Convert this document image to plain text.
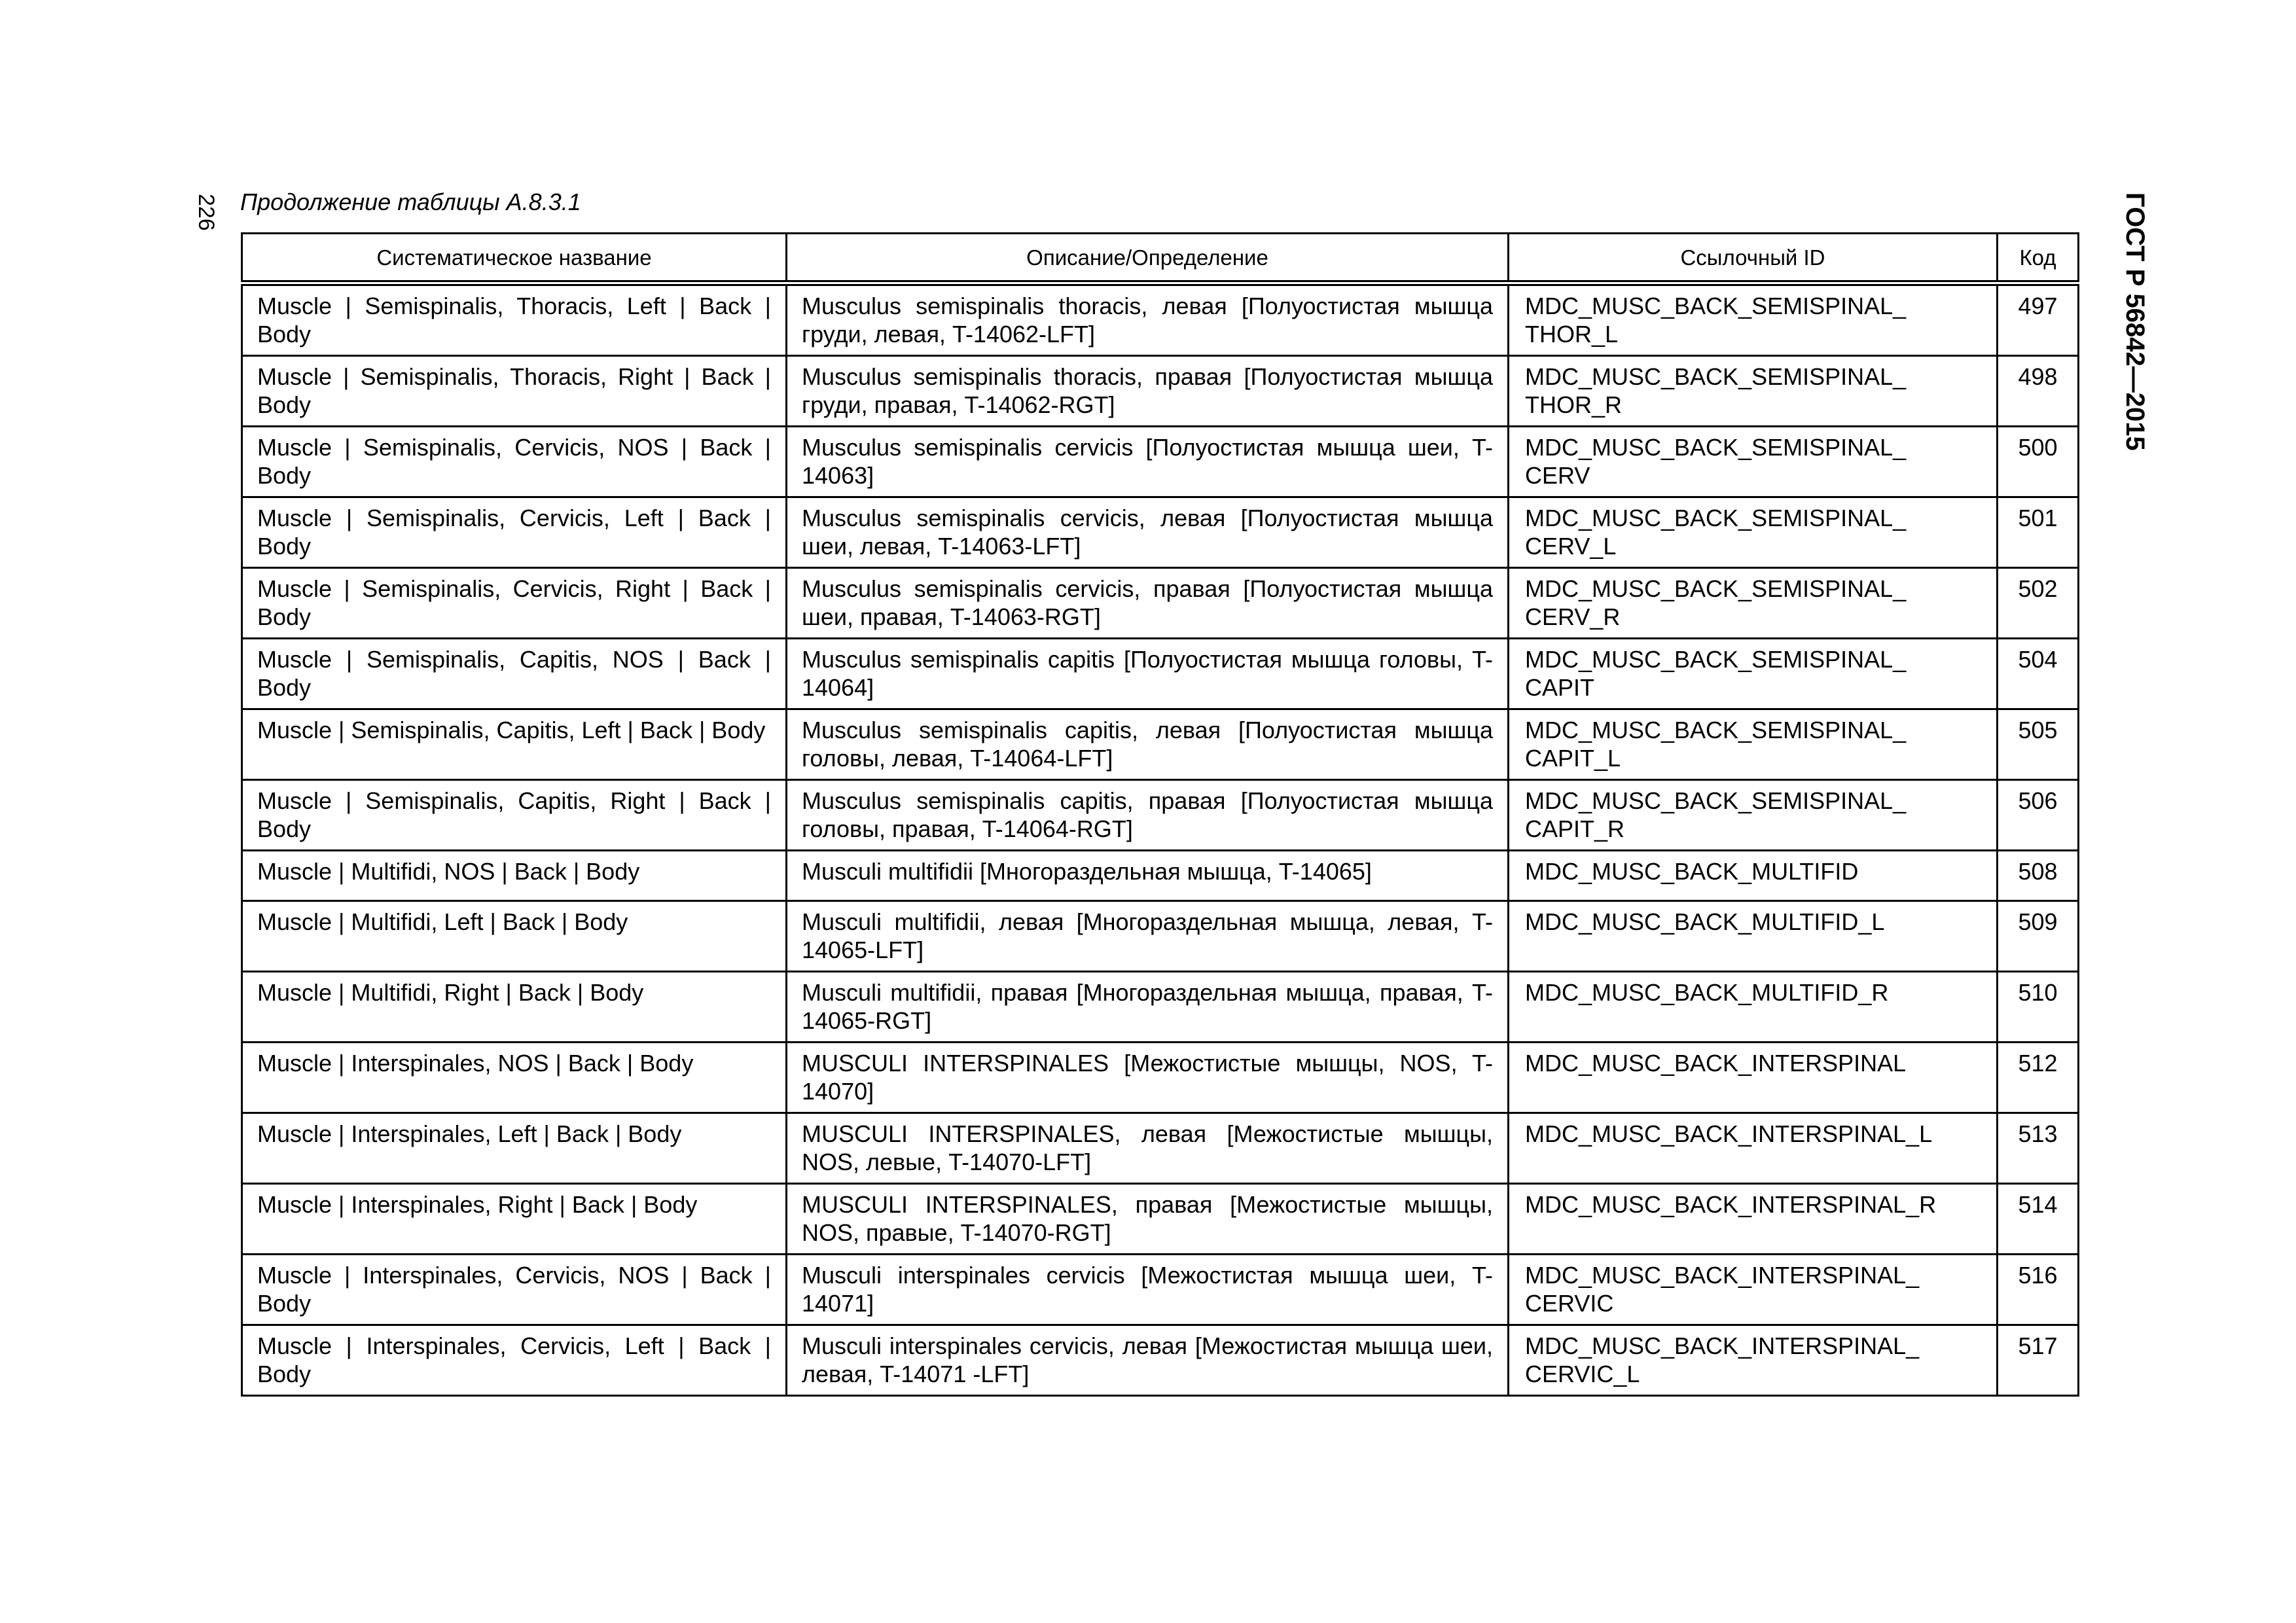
226	ГОСТ Р 56842—2015
Продолжение таблицы А.8.3.1
Систематическое название	Описание/Определение	Ссылочный ID	Код
Muscle | Semispinalis, Thoracis, Left | Back | Body	Musculus semispinalis thoracis, левая [Полуостистая мышца груди, левая, T-14062-LFT]	MDC_MUSC_BACK_SEMISPINAL_
THOR_L	497
Muscle | Semispinalis, Thoracis, Right | Back | Body	Musculus semispinalis thoracis, правая [Полуостистая мышца груди, правая, T-14062-RGT]	MDC_MUSC_BACK_SEMISPINAL_
THOR_R	498
Muscle | Semispinalis, Cervicis, NOS | Back | Body	Musculus semispinalis cervicis [Полуостистая мышца шеи, T-14063]	MDC_MUSC_BACK_SEMISPINAL_
CERV	500
Muscle | Semispinalis, Cervicis, Left | Back | Body	Musculus semispinalis cervicis, левая [Полуостистая мышца шеи, левая, T-14063-LFT]	MDC_MUSC_BACK_SEMISPINAL_
CERV_L	501
Muscle | Semispinalis, Cervicis, Right | Back | Body	Musculus semispinalis cervicis, правая [Полуостистая мышца шеи, правая, T-14063-RGT]	MDC_MUSC_BACK_SEMISPINAL_
CERV_R	502
Muscle | Semispinalis, Capitis, NOS | Back | Body	Musculus semispinalis capitis [Полуостистая мышца головы, T-14064]	MDC_MUSC_BACK_SEMISPINAL_
CAPIT	504
Muscle | Semispinalis, Capitis, Left | Back | Body	Musculus semispinalis capitis, левая [Полуостистая мышца головы, левая, T-14064-LFT]	MDC_MUSC_BACK_SEMISPINAL_
CAPIT_L	505
Muscle | Semispinalis, Capitis, Right | Back | Body	Musculus semispinalis capitis, правая [Полуостистая мышца головы, правая, T-14064-RGT]	MDC_MUSC_BACK_SEMISPINAL_
CAPIT_R	506
Muscle | Multifidi, NOS | Back | Body	Musculi multifidii [Многораздельная мышца, T-14065]	MDC_MUSC_BACK_MULTIFID	508
Muscle | Multifidi, Left | Back | Body	Musculi multifidii, левая [Многораздельная мышца, левая, T-14065-LFT]	MDC_MUSC_BACK_MULTIFID_L	509
Muscle | Multifidi, Right | Back | Body	Musculi multifidii, правая [Многораздельная мышца, правая, T-14065-RGT]	MDC_MUSC_BACK_MULTIFID_R	510
Muscle | Interspinales, NOS | Back | Body	MUSCULI INTERSPINALES [Межостистые мышцы, NOS, T-14070]	MDC_MUSC_BACK_INTERSPINAL	512
Muscle | Interspinales, Left | Back | Body	MUSCULI INTERSPINALES, левая [Межостистые мышцы, NOS, левые, T-14070-LFT]	MDC_MUSC_BACK_INTERSPINAL_L	513
Muscle | Interspinales, Right | Back | Body	MUSCULI INTERSPINALES, правая [Межостистые мышцы, NOS, правые, T-14070-RGT]	MDC_MUSC_BACK_INTERSPINAL_R	514
Muscle | Interspinales, Cervicis, NOS | Back | Body	Musculi interspinales cervicis [Межостистая мышца шеи, T-14071]	MDC_MUSC_BACK_INTERSPINAL_
CERVIC	516
Muscle | Interspinales, Cervicis, Left | Back | Body	Musculi interspinales cervicis, левая [Межостистая мышца шеи, левая, T-14071 -LFT]	MDC_MUSC_BACK_INTERSPINAL_
CERVIC_L	517
